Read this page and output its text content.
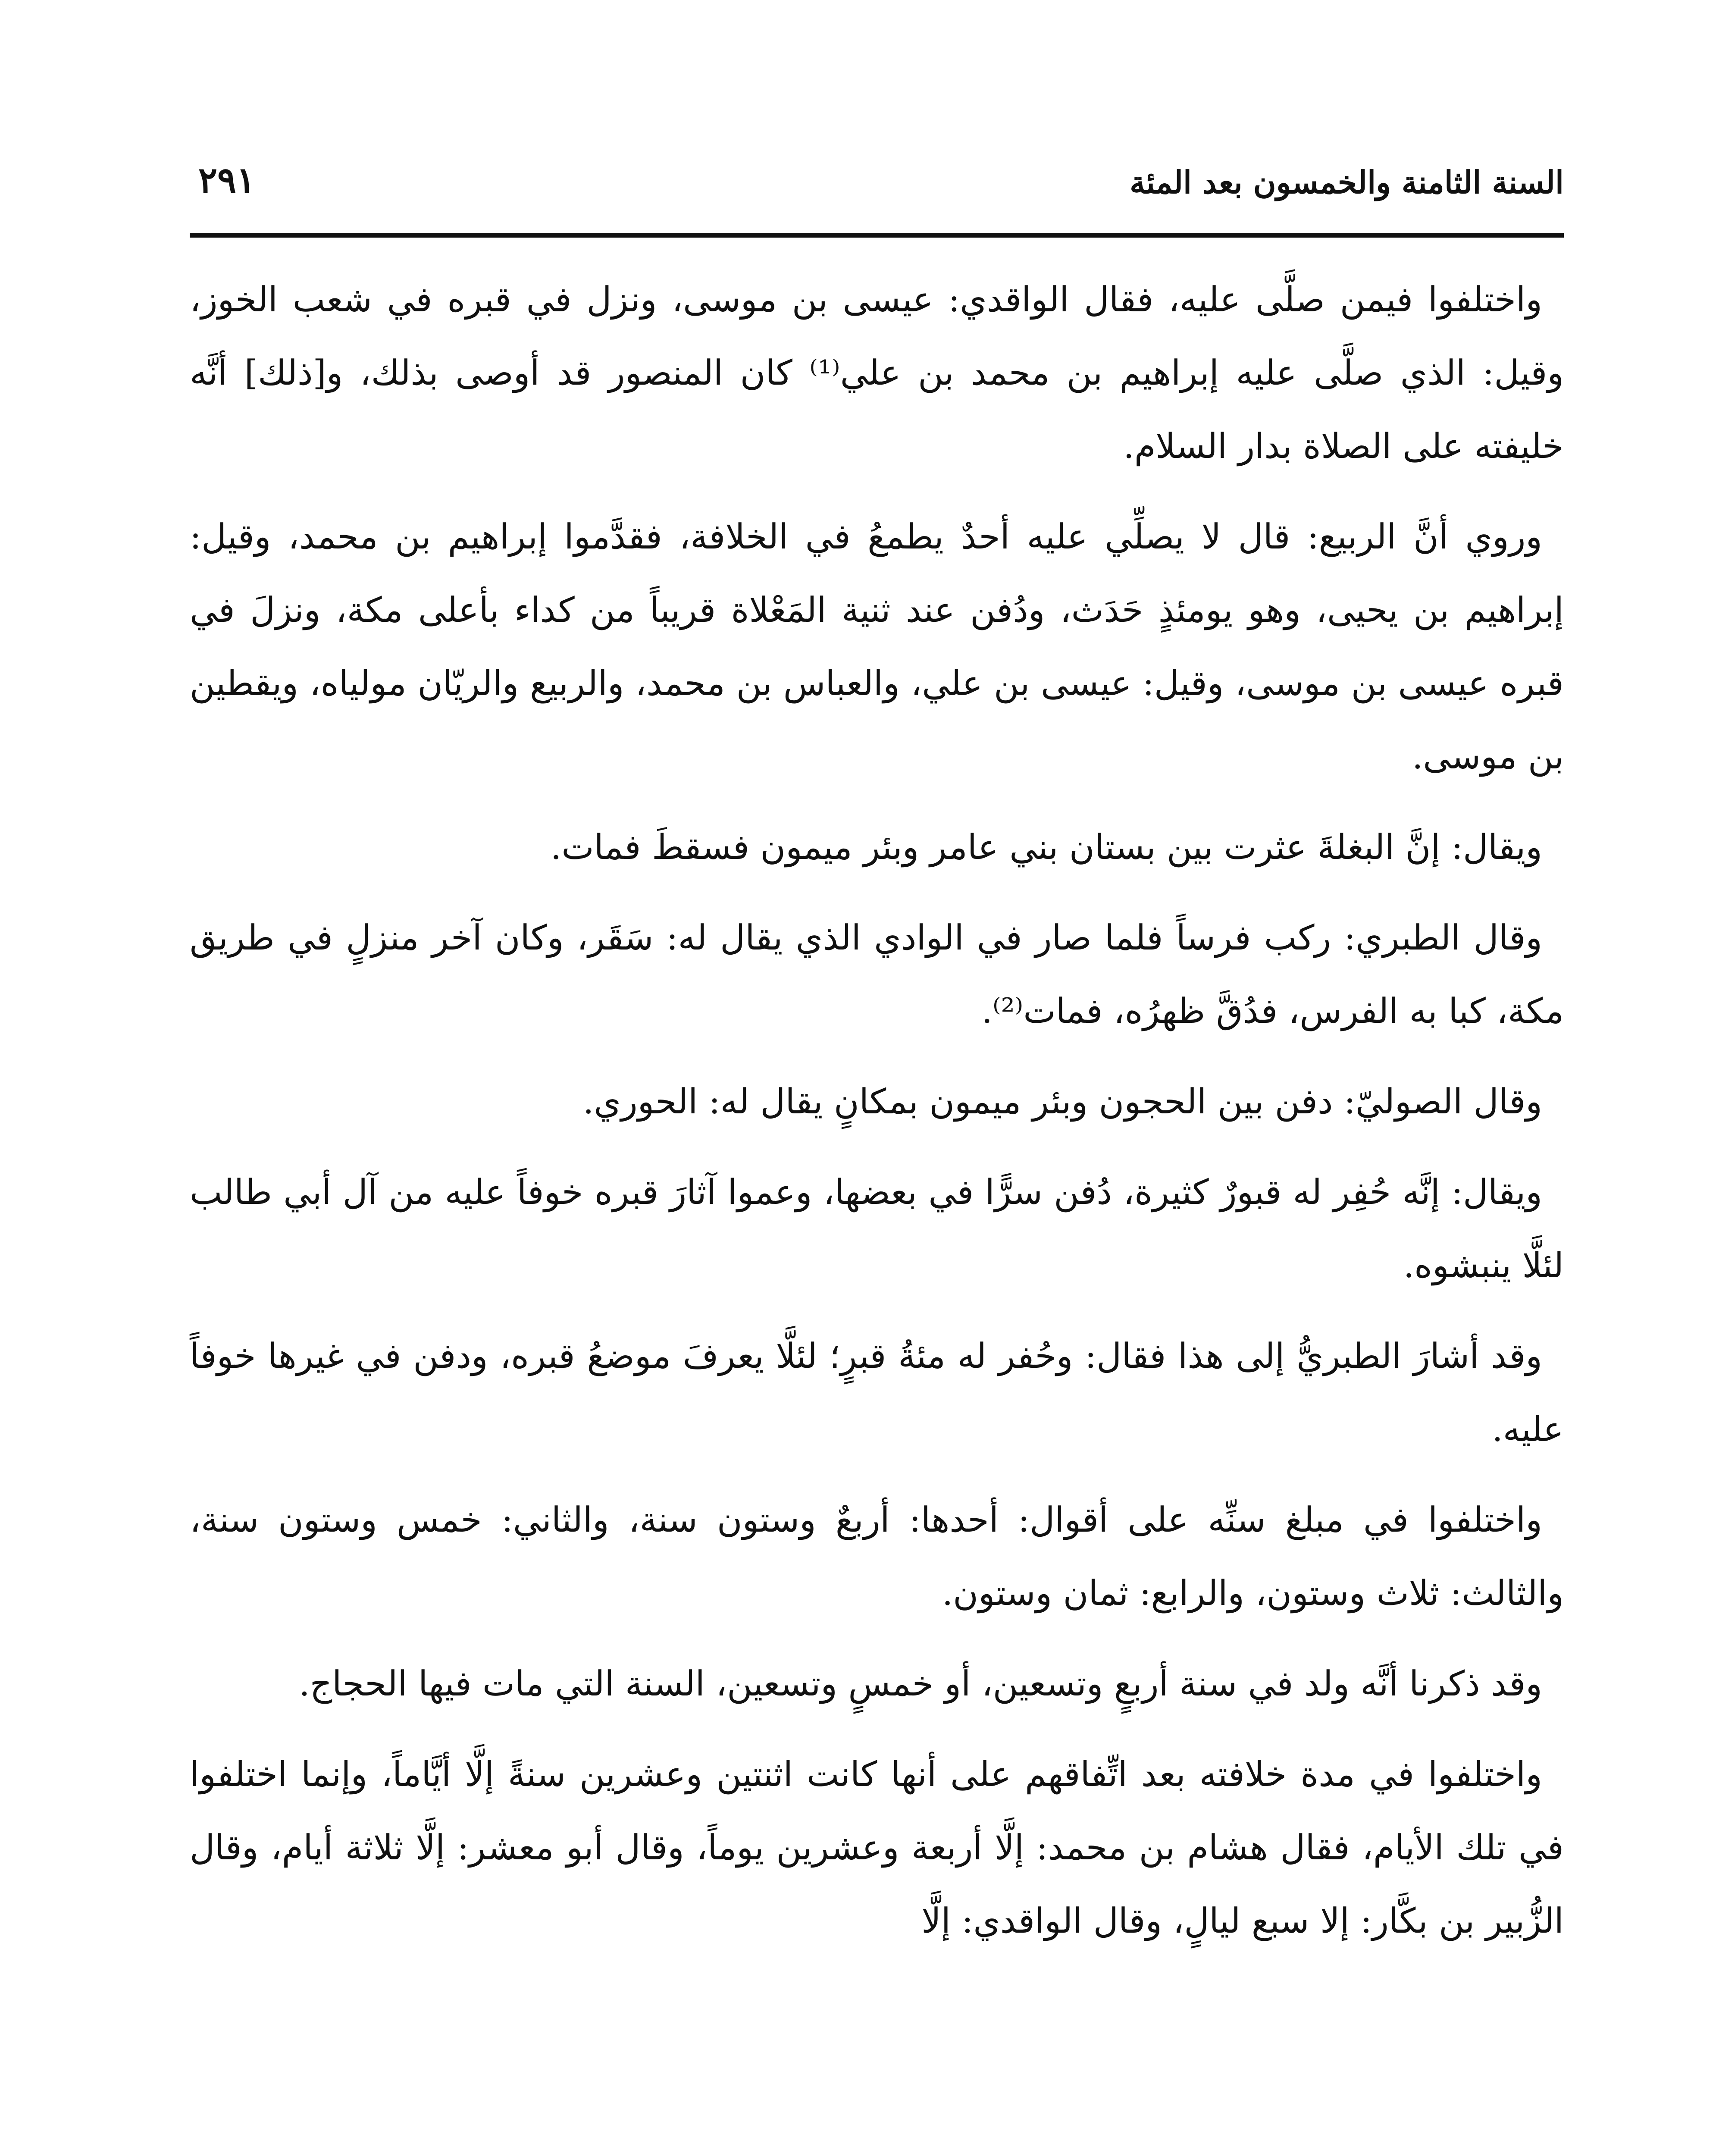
السنة الثامنة والخمسون بعد المئة
٢٩١

واختلفوا فيمن صلَّى عليه، فقال الواقدي: عيسى بن موسى، ونزل في قبره في شعب الخوز، وقيل: الذي صلَّى عليه إبراهيم بن محمد بن علي⁽¹⁾ كان المنصور قد أوصى بذلك، و[ذلك] أنَّه خليفته على الصلاة بدار السلام.

وروي أنَّ الربيع: قال لا يصلِّي عليه أحدٌ يطمعُ في الخلافة، فقدَّموا إبراهيم بن محمد، وقيل: إبراهيم بن يحيى، وهو يومئذٍ حَدَث، ودُفن عند ثنية المَعْلاة قريباً من كداء بأعلى مكة، ونزلَ في قبره عيسى بن موسى، وقيل: عيسى بن علي، والعباس بن محمد، والربيع والريّان مولياه، ويقطين بن موسى.

ويقال: إنَّ البغلةَ عثرت بين بستان بني عامر وبئر ميمون فسقطَ فمات.

وقال الطبري: ركب فرساً فلما صار في الوادي الذي يقال له: سَقَر، وكان آخر منزلٍ في طريق مكة، كبا به الفرس، فدُقَّ ظهرُه، فمات⁽²⁾.

وقال الصوليّ: دفن بين الحجون وبئر ميمون بمكانٍ يقال له: الحوري.

ويقال: إنَّه حُفِر له قبورٌ كثيرة، دُفن سرًّا في بعضها، وعموا آثارَ قبره خوفاً عليه من آل أبي طالب لئلَّا ينبشوه.

وقد أشارَ الطبريُّ إلى هذا فقال: وحُفر له مئةُ قبرٍ؛ لئلَّا يعرفَ موضعُ قبره، ودفن في غيرها خوفاً عليه.

واختلفوا في مبلغ سنِّه على أقوال: أحدها: أربعٌ وستون سنة، والثاني: خمس وستون سنة، والثالث: ثلاث وستون، والرابع: ثمان وستون.

وقد ذكرنا أنَّه ولد في سنة أربعٍ وتسعين، أو خمسٍ وتسعين، السنة التي مات فيها الحجاج.

واختلفوا في مدة خلافته بعد اتِّفاقهم على أنها كانت اثنتين وعشرين سنةً إلَّا أيَّاماً، وإنما اختلفوا في تلك الأيام، فقال هشام بن محمد: إلَّا أربعة وعشرين يوماً، وقال أبو معشر: إلَّا ثلاثة أيام، وقال الزُّبير بن بكَّار: إلا سبع ليالٍ، وقال الواقدي: إلَّا
